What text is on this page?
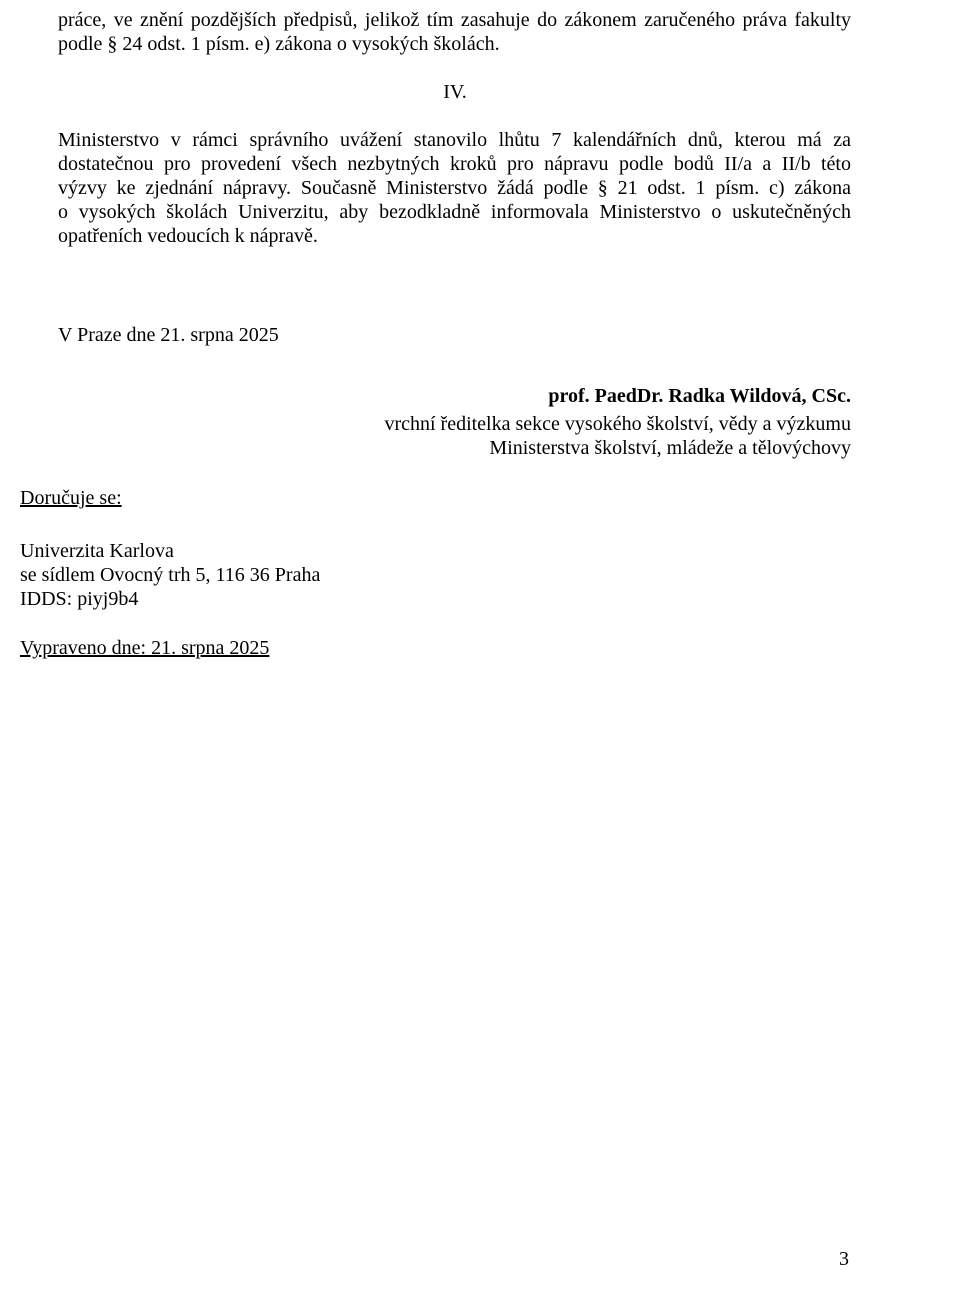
práce, ve znění pozdějších předpisů, jelikož tím zasahuje do zákonem zaručeného práva fakulty
podle § 24 odst. 1 písm. e) zákona o vysokých školách.
IV.
Ministerstvo v rámci správního uvážení stanovilo lhůtu 7 kalendářních dnů, kterou má za
dostatečnou pro provedení všech nezbytných kroků pro nápravu podle bodů II/a a II/b této
výzvy ke zjednání nápravy. Současně Ministerstvo žádá podle § 21 odst. 1 písm. c) zákona
o vysokých školách Univerzitu, aby bezodkladně informovala Ministerstvo o uskutečněných
opatřeních vedoucích k nápravě.
V Praze dne 21. srpna 2025
prof. PaedDr. Radka Wildová, CSc.
vrchní ředitelka sekce vysokého školství, vědy a výzkumu
Ministerstva školství, mládeže a tělovýchovy
Doručuje se:
Univerzita Karlova
se sídlem Ovocný trh 5, 116 36 Praha
IDDS: piyj9b4
Vypraveno dne: 21. srpna 2025
3
